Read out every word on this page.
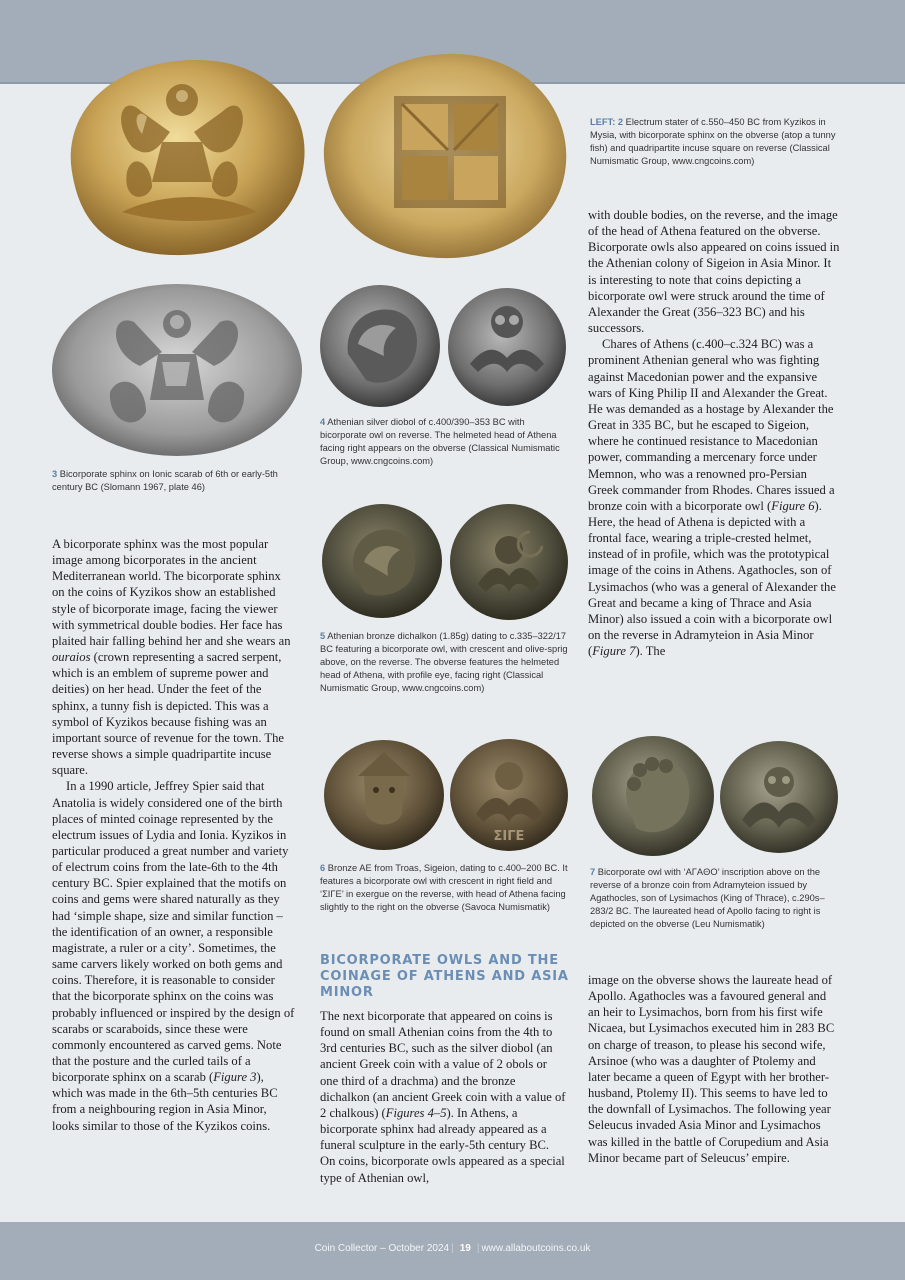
LEFT: 2 Electrum stater of c.550–450 BC from Kyzikos in Mysia, with bicorporate sphinx on the obverse (atop a tunny fish) and quadripartite incuse square on reverse (Classical Numismatic Group, www.cngcoins.com)
3 Bicorporate sphinx on Ionic scarab of 6th or early-5th century BC (Slomann 1967, plate 46)
4 Athenian silver diobol of c.400/390–353 BC with bicorporate owl on reverse. The helmeted head of Athena facing right appears on the obverse (Classical Numismatic Group, www.cngcoins.com)
5 Athenian bronze dichalkon (1.85g) dating to c.335–322/17 BC featuring a bicorporate owl, with crescent and olive-sprig above, on the reverse. The obverse features the helmeted head of Athena, with profile eye, facing right (Classical Numismatic Group, www.cngcoins.com)
ΣIΓE
6 Bronze AE from Troas, Sigeion, dating to c.400–200 BC. It features a bicorporate owl with crescent in right field and ‘ΣIΓE’ in exergue on the reverse, with head of Athena facing slightly to the right on the obverse (Savoca Numismatik)
7 Bicorporate owl with ‘AΓAΘO’ inscription above on the reverse of a bronze coin from Adramyteion issued by Agathocles, son of Lysimachos (King of Thrace), c.290s–283/2 BC. The laureated head of Apollo facing to right is depicted on the obverse (Leu Numismatik)

A bicorporate sphinx was the most popular image among bicorporates in the ancient Mediterranean world. The bicorporate sphinx on the coins of Kyzikos show an established style of bicorporate image, facing the viewer with symmetrical double bodies. Her face has plaited hair falling behind her and she wears an ouraios (crown representing a sacred serpent, which is an emblem of supreme power and deities) on her head. Under the feet of the sphinx, a tunny fish is depicted. This was a symbol of Kyzikos because fishing was an important source of revenue for the town. The reverse shows a simple quadripartite incuse square.

In a 1990 article, Jeffrey Spier said that Anatolia is widely considered one of the birth places of minted coinage represented by the electrum issues of Lydia and Ionia. Kyzikos in particular produced a great number and variety of electrum coins from the late-6th to the 4th century BC. Spier explained that the motifs on coins and gems were shared naturally as they had ‘simple shape, size and similar function – the identification of an owner, a responsible magistrate, a ruler or a city’. Sometimes, the same carvers likely worked on both gems and coins. Therefore, it is reasonable to consider that the bicorporate sphinx on the coins was probably influenced or inspired by the design of scarabs or scaraboids, since these were commonly encountered as carved gems. Note that the posture and the curled tails of a bicorporate sphinx on a scarab (Figure 3), which was made in the 6th–5th centuries BC from a neighbouring region in Asia Minor, looks similar to those of the Kyzikos coins.

BICORPORATE OWLS AND THE COINAGE OF ATHENS AND ASIA MINOR

The next bicorporate that appeared on coins is found on small Athenian coins from the 4th to 3rd centuries BC, such as the silver diobol (an ancient Greek coin with a value of 2 obols or one third of a drachma) and the bronze dichalkon (an ancient Greek coin with a value of 2 chalkous) (Figures 4–5). In Athens, a bicorporate sphinx had already appeared as a funeral sculpture in the early-5th century BC. On coins, bicorporate owls appeared as a special type of Athenian owl,

with double bodies, on the reverse, and the image of the head of Athena featured on the obverse. Bicorporate owls also appeared on coins issued in the Athenian colony of Sigeion in Asia Minor. It is interesting to note that coins depicting a bicorporate owl were struck around the time of Alexander the Great (356–323 BC) and his successors.

Chares of Athens (c.400–c.324 BC) was a prominent Athenian general who was fighting against Macedonian power and the expansive wars of King Philip II and Alexander the Great. He was demanded as a hostage by Alexander the Great in 335 BC, but he escaped to Sigeion, where he continued resistance to Macedonian power, commanding a mercenary force under Memnon, who was a renowned pro-Persian Greek commander from Rhodes. Chares issued a bronze coin with a bicorporate owl (Figure 6). Here, the head of Athena is depicted with a frontal face, wearing a triple-crested helmet, instead of in profile, which was the prototypical image of the coins in Athens. Agathocles, son of Lysimachos (who was a general of Alexander the Great and became a king of Thrace and Asia Minor) also issued a coin with a bicorporate owl on the reverse in Adramyteion in Asia Minor (Figure 7). The

image on the obverse shows the laureate head of Apollo. Agathocles was a favoured general and an heir to Lysimachos, born from his first wife Nicaea, but Lysimachos executed him in 283 BC on charge of treason, to please his second wife, Arsinoe (who was a daughter of Ptolemy and later became a queen of Egypt with her brother-husband, Ptolemy II). This seems to have led to the downfall of Lysimachos. The following year Seleucus invaded Asia Minor and Lysimachos was killed in the battle of Corupedium and Asia Minor became part of Seleucus’ empire.

Coin Collector – October 2024 | 19 | www.allaboutcoins.co.uk
